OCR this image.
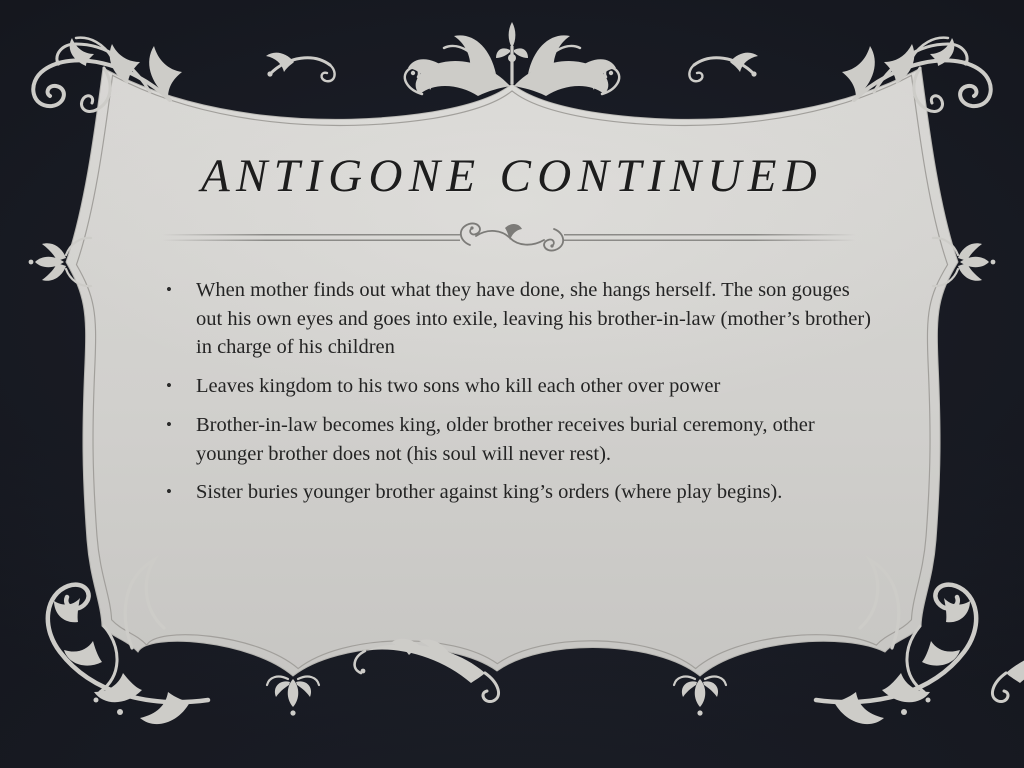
ANTIGONE CONTINUED
•	When mother finds out what they have done, she hangs herself. The son gouges out his own eyes and goes into exile, leaving his brother-in-law (mother’s brother) in charge of his children
•	Leaves kingdom to his two sons who kill each other over power
•	Brother-in-law becomes king, older brother receives burial ceremony, other younger brother does not (his soul will never rest).
•	Sister buries younger brother against king’s orders (where play begins).
